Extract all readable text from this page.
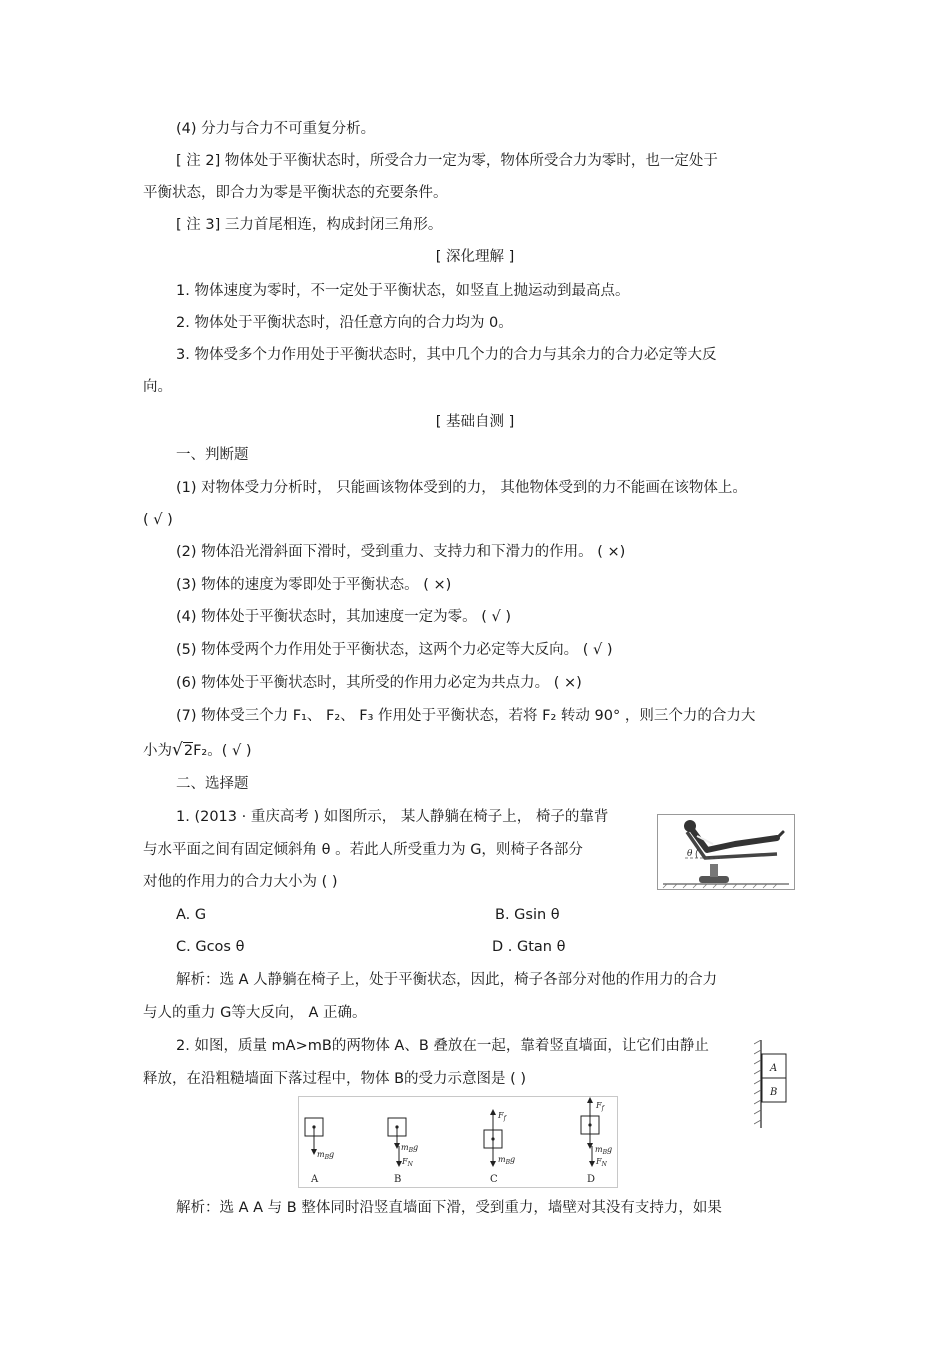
(4) 分力与合力不可重复分析。
[ 注 2] 物体处于平衡状态时，所受合力一定为零，物体所受合力为零时，也一定处于
平衡状态，即合力为零是平衡状态的充要条件。
[ 注 3] 三力首尾相连，构成封闭三角形。
[ 深化理解 ]
1. 物体速度为零时，不一定处于平衡状态，如竖直上抛运动到最高点。
2. 物体处于平衡状态时，沿任意方向的合力均为 0。
3. 物体受多个力作用处于平衡状态时，其中几个力的合力与其余力的合力必定等大反
向。
[ 基础自测 ]
一、判断题
(1) 对物体受力分析时， 只能画该物体受到的力， 其他物体受到的力不能画在该物体上。
( √ )
(2) 物体沿光滑斜面下滑时，受到重力、支持力和下滑力的作用。 ( ×)
(3) 物体的速度为零即处于平衡状态。 ( ×)
(4) 物体处于平衡状态时，其加速度一定为零。 ( √ )
(5) 物体受两个力作用处于平衡状态，这两个力必定等大反向。 ( √ )
(6) 物体处于平衡状态时，其所受的作用力必定为共点力。 ( ×)
(7) 物体受三个力 F₁、 F₂、 F₃ 作用处于平衡状态，若将 F₂ 转动 90° ，则三个力的合力大
小为√2F₂。( √ )
二、选择题
1. (2013 · 重庆高考 ) 如图所示， 某人静躺在椅子上， 椅子的靠背
与水平面之间有固定倾斜角 θ 。若此人所受重力为 G，则椅子各部分
对他的作用力的合力大小为 ( )
A. G	B. Gsin θ
C. Gcos θ	D . Gtan θ
解析：选 A 人静躺在椅子上，处于平衡状态，因此，椅子各部分对他的作用力的合力
与人的重力 G等大反向， A 正确。
θ
2. 如图，质量 mA>mB的两物体 A、B 叠放在一起，靠着竖直墙面，让它们由静止
释放，在沿粗糙墙面下落过程中，物体 B的受力示意图是 ( )
A
B
$m_Bg$
A
$m_Bg$
$F_N$
B
$F_f$
$m_Bg$
C
$F_f$
$m_Bg$
$F_N$
D
解析：选 A A 与 B 整体同时沿竖直墙面下滑，受到重力，墙壁对其没有支持力，如果
